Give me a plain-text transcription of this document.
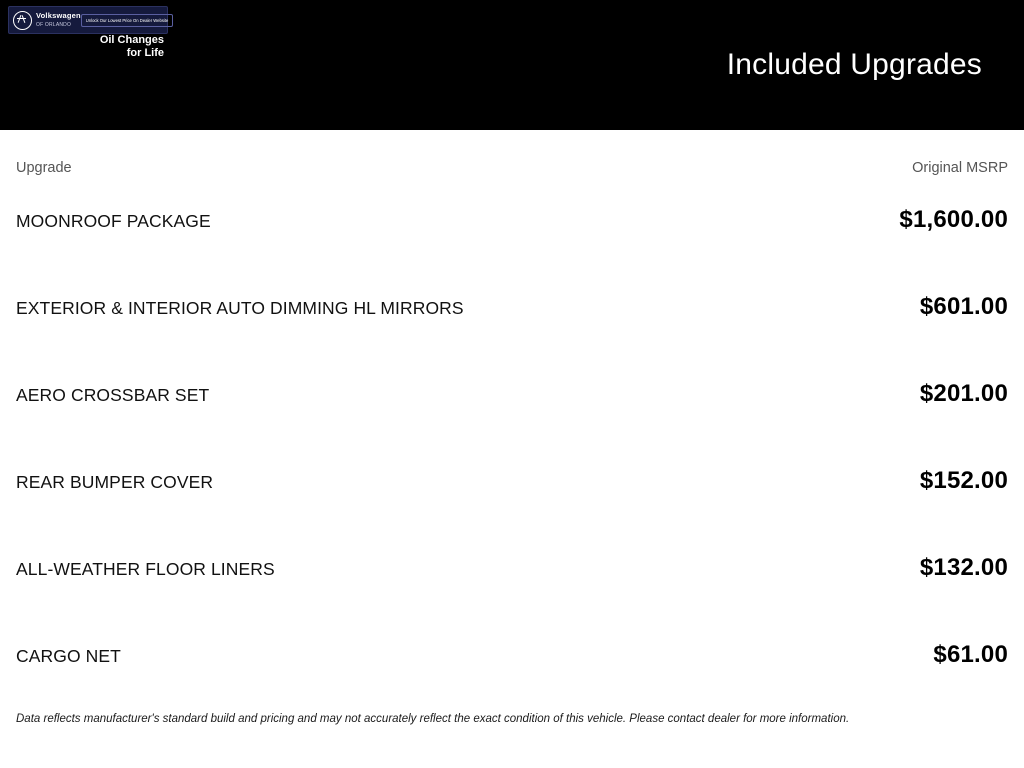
Volkswagen
OF ORLANDO
Unlock Our Lowest Price On Dealer Website
Oil Changes
for Life	Included Upgrades
Upgrade	Original MSRP
MOONROOF PACKAGE	$1,600.00
EXTERIOR & INTERIOR AUTO DIMMING HL MIRRORS	$601.00
AERO CROSSBAR SET	$201.00
REAR BUMPER COVER	$152.00
ALL-WEATHER FLOOR LINERS	$132.00
CARGO NET	$61.00
Data reflects manufacturer's standard build and pricing and may not accurately reflect the exact condition of this vehicle. Please contact dealer for more information.
